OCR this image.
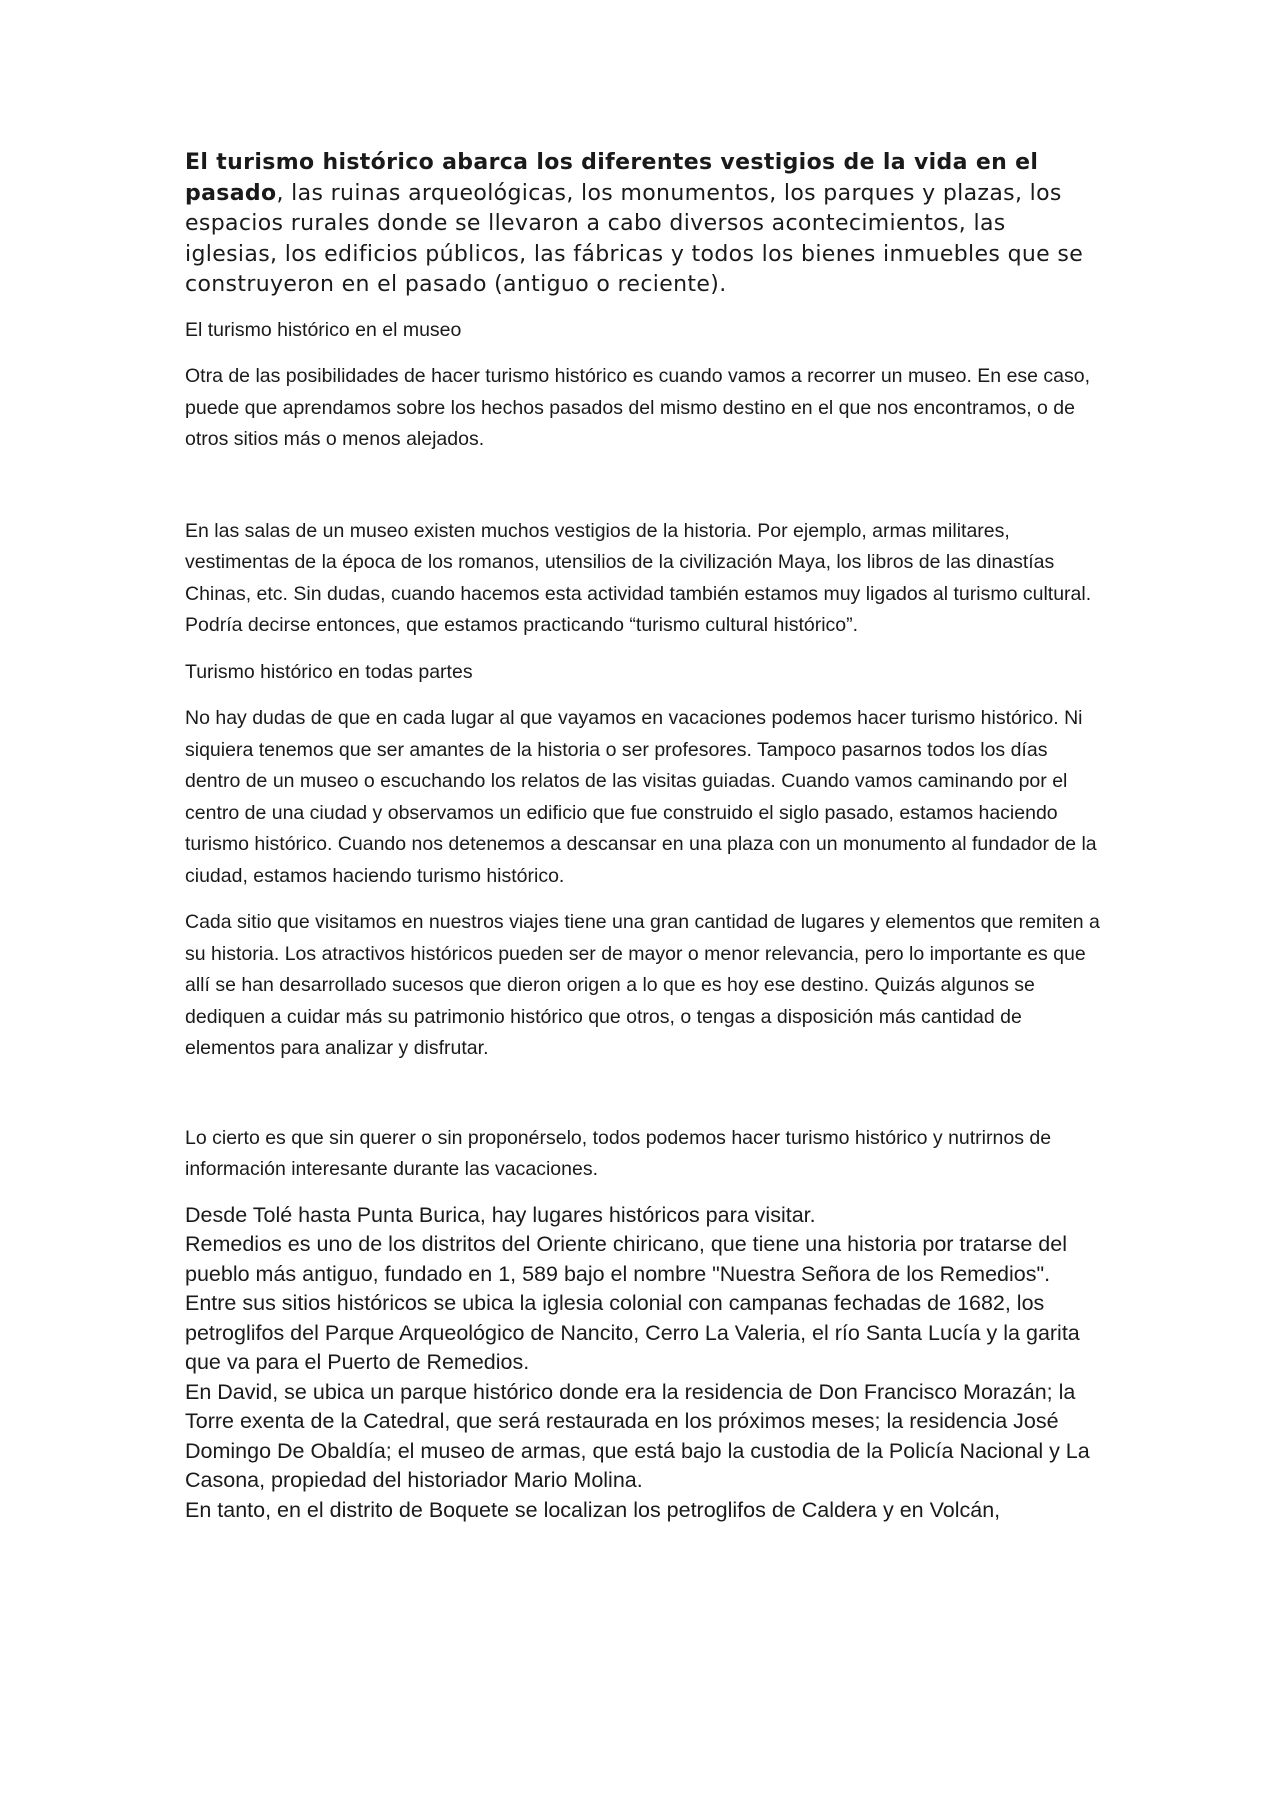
El turismo histórico abarca los diferentes vestigios de la vida en el pasado, las ruinas arqueológicas, los monumentos, los parques y plazas, los espacios rurales donde se llevaron a cabo diversos acontecimientos, las iglesias, los edificios públicos, las fábricas y todos los bienes inmuebles que se construyeron en el pasado (antiguo o reciente).

El turismo histórico en el museo

Otra de las posibilidades de hacer turismo histórico es cuando vamos a recorrer un museo. En ese caso, puede que aprendamos sobre los hechos pasados del mismo destino en el que nos encontramos, o de otros sitios más o menos alejados.

En las salas de un museo existen muchos vestigios de la historia. Por ejemplo, armas militares, vestimentas de la época de los romanos, utensilios de la civilización Maya, los libros de las dinastías Chinas, etc. Sin dudas, cuando hacemos esta actividad también estamos muy ligados al turismo cultural. Podría decirse entonces, que estamos practicando “turismo cultural histórico”.

Turismo histórico en todas partes

No hay dudas de que en cada lugar al que vayamos en vacaciones podemos hacer turismo histórico. Ni siquiera tenemos que ser amantes de la historia o ser profesores. Tampoco pasarnos todos los días dentro de un museo o escuchando los relatos de las visitas guiadas. Cuando vamos caminando por el centro de una ciudad y observamos un edificio que fue construido el siglo pasado, estamos haciendo turismo histórico. Cuando nos detenemos a descansar en una plaza con un monumento al fundador de la ciudad, estamos haciendo turismo histórico.

Cada sitio que visitamos en nuestros viajes tiene una gran cantidad de lugares y elementos que remiten a su historia. Los atractivos históricos pueden ser de mayor o menor relevancia, pero lo importante es que allí se han desarrollado sucesos que dieron origen a lo que es hoy ese destino. Quizás algunos se dediquen a cuidar más su patrimonio histórico que otros, o tengas a disposición más cantidad de elementos para analizar y disfrutar.

Lo cierto es que sin querer o sin proponérselo, todos podemos hacer turismo histórico y nutrirnos de información interesante durante las vacaciones.

Desde Tolé hasta Punta Burica, hay lugares históricos para visitar.

Remedios es uno de los distritos del Oriente chiricano, que tiene una historia por tratarse del pueblo más antiguo, fundado en 1, 589 bajo el nombre "Nuestra Señora de los Remedios".

Entre sus sitios históricos se ubica la iglesia colonial con campanas fechadas de 1682, los petroglifos del Parque Arqueológico de Nancito, Cerro La Valeria, el río Santa Lucía y la garita que va para el Puerto de Remedios.

En David, se ubica un parque histórico donde era la residencia de Don Francisco Morazán; la Torre exenta de la Catedral, que será restaurada en los próximos meses; la residencia José Domingo De Obaldía; el museo de armas, que está bajo la custodia de la Policía Nacional y La Casona, propiedad del historiador Mario Molina.

En tanto, en el distrito de Boquete se localizan los petroglifos de Caldera y en Volcán,
